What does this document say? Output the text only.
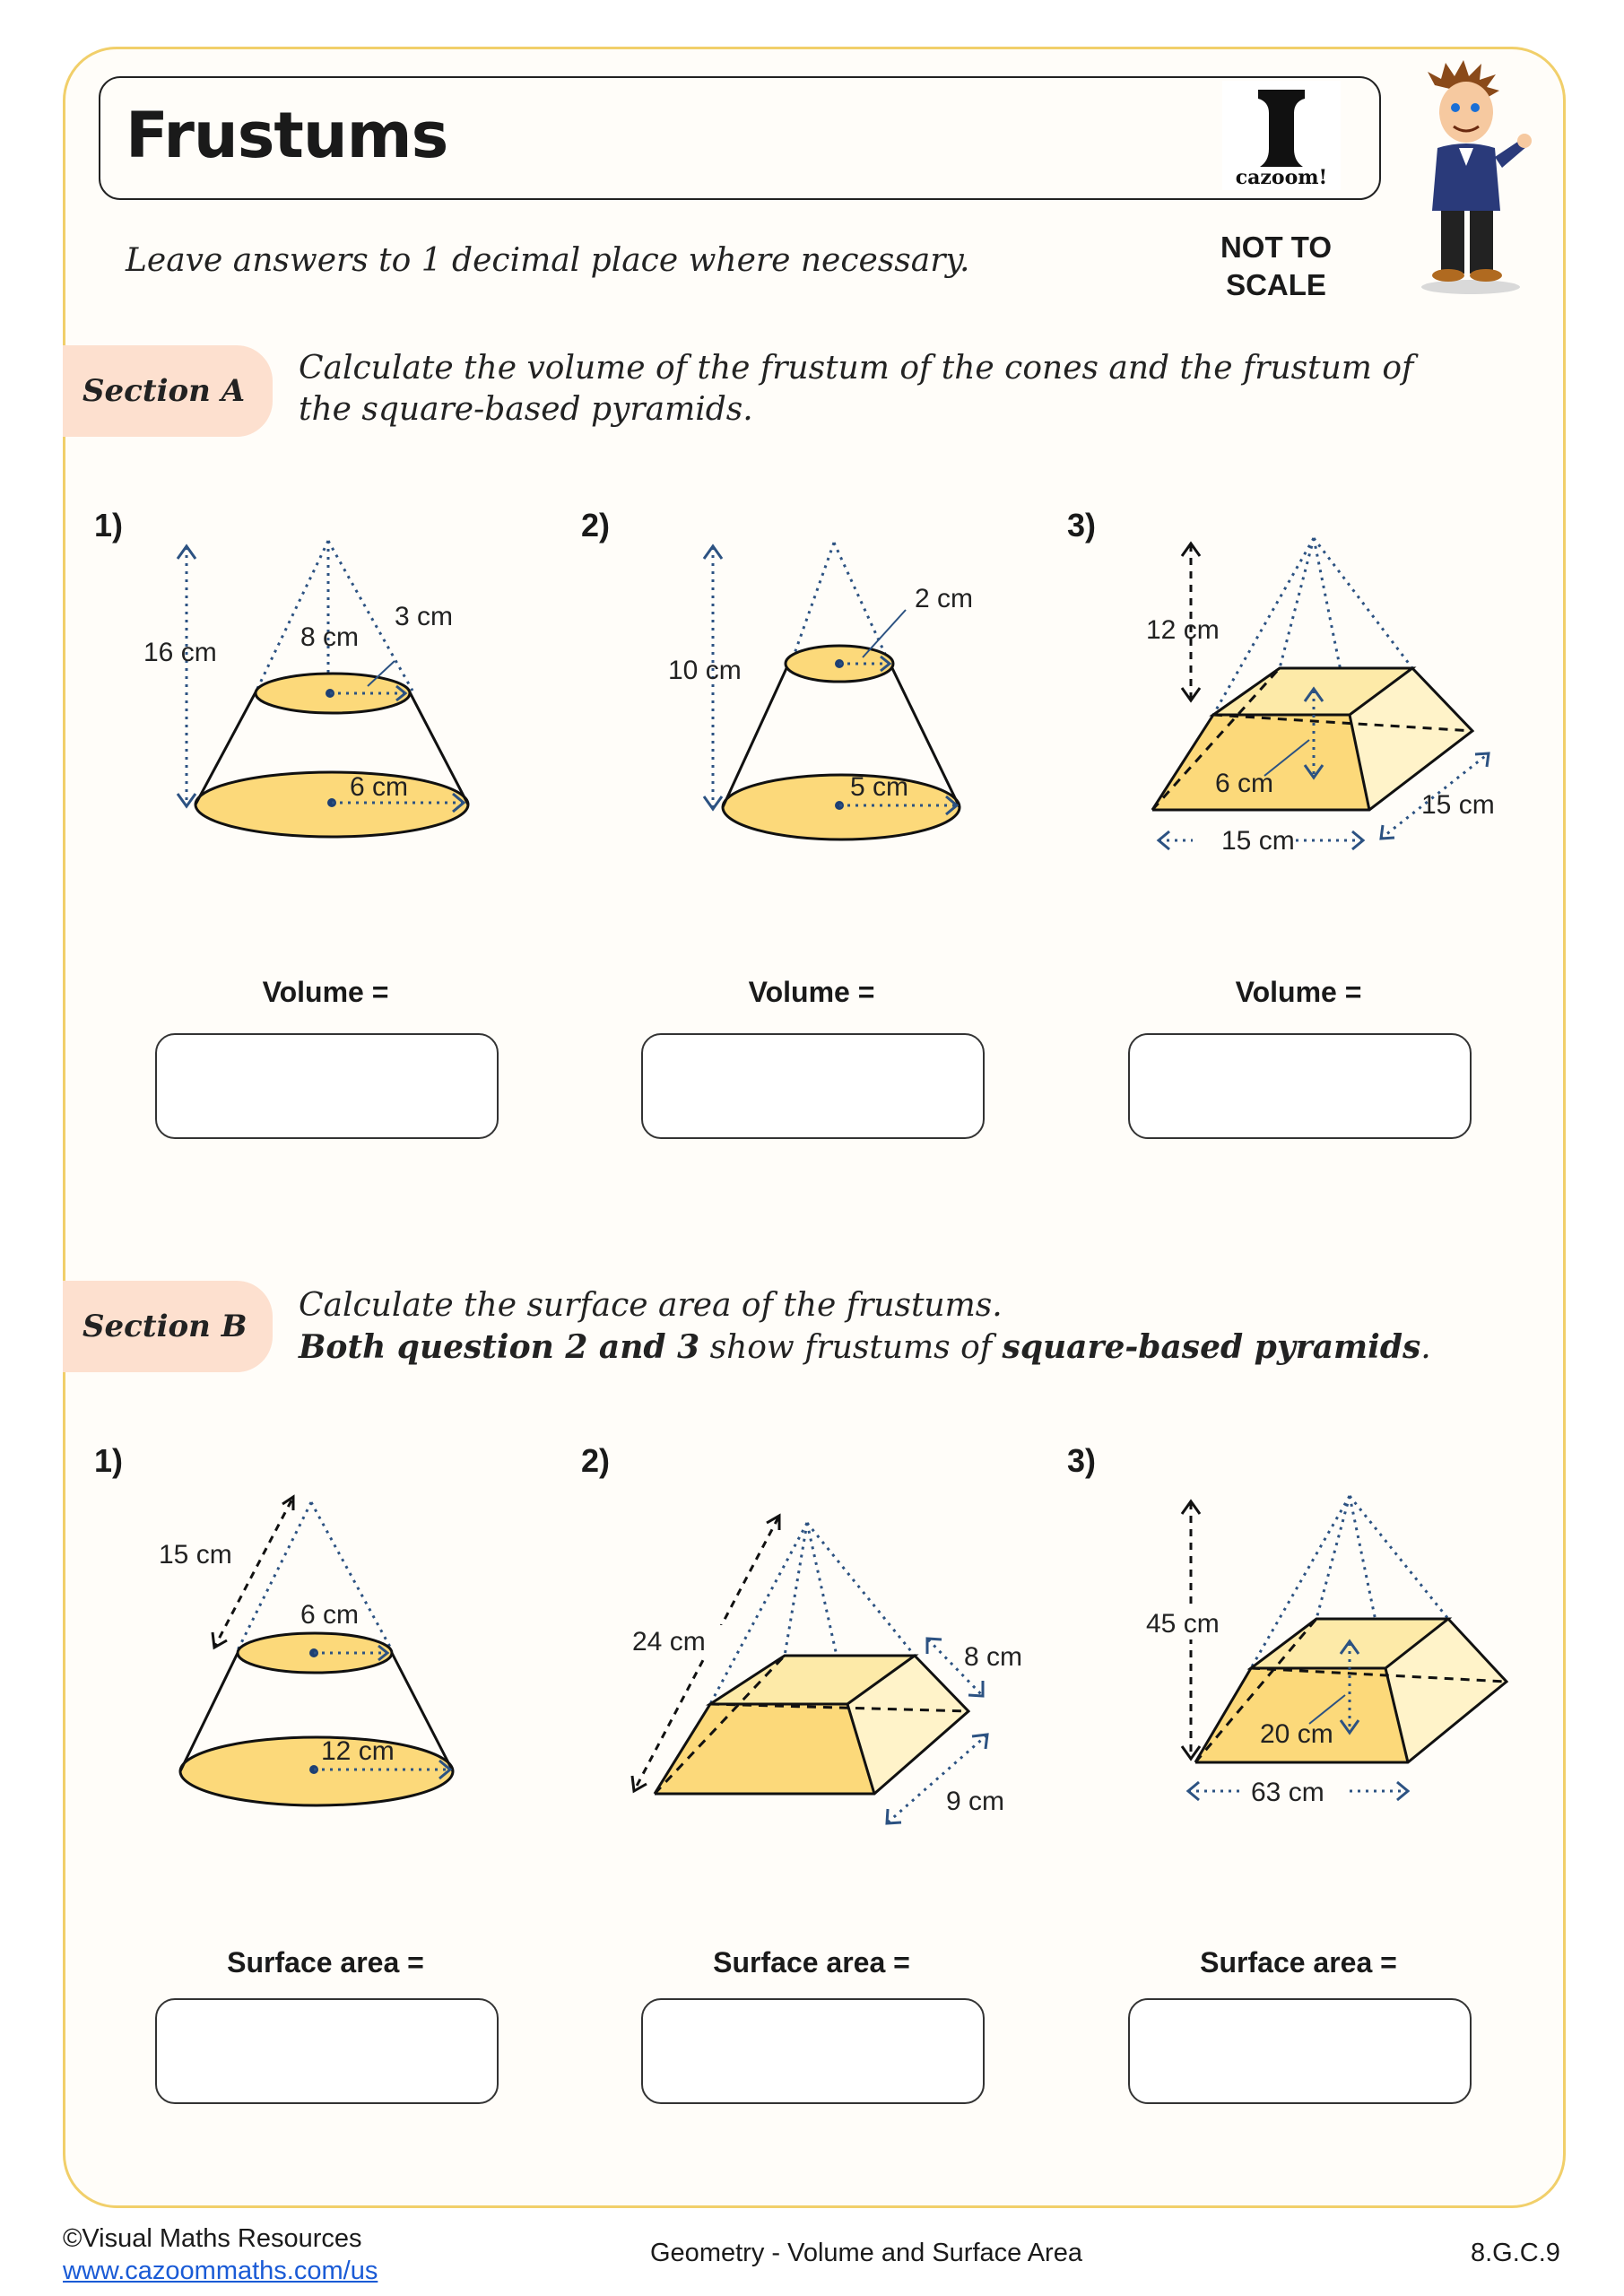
Frustums
cazoom!
Leave answers to 1 decimal place where necessary.	NOT TO
SCALE
Section A
Calculate the volume of the frustum of the cones and the frustum of
the square-based pyramids.
1)	2)	3)
16 cm
8 cm
3 cm
6 cm
10 cm
2 cm
5 cm
12 cm
6 cm
15 cm
15 cm
Volume =	Volume =	Volume =
Section B
Calculate the surface area of the frustums.
Both question 2 and 3 show frustums of square-based pyramids.
1)	2)	3)
15 cm
6 cm
12 cm
24 cm
8 cm
9 cm
45 cm
20 cm
63 cm
Surface area =	Surface area =	Surface area =
©Visual Maths Resources
www.cazoommaths.com/us
Geometry - Volume and Surface Area	8.G.C.9
